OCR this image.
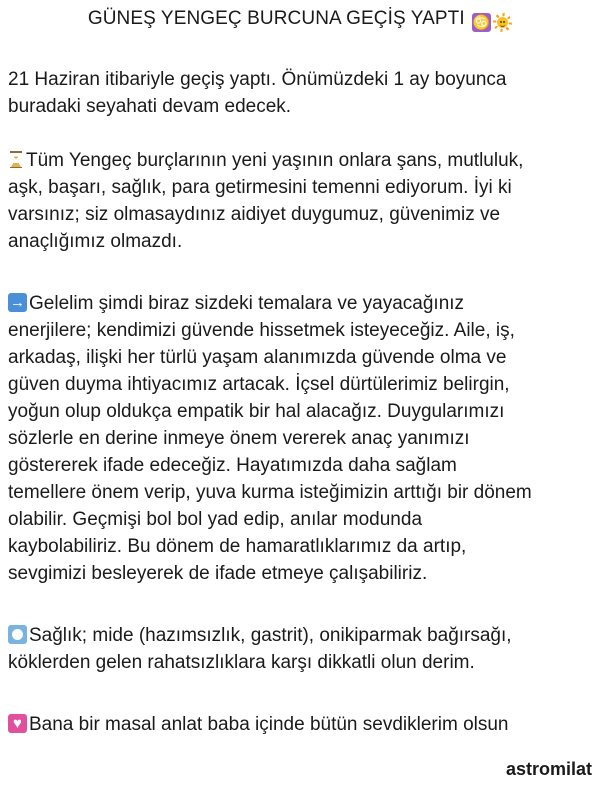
GÜNEŞ YENGEÇ BURCUNA GEÇİŞ YAPTI ♋

21 Haziran itibariyle geçiş yaptı. Önümüzdeki 1 ay boyunca
buradaki seyahati devam edecek.

Tüm Yengeç burçlarının yeni yaşının onlara şans, mutluluk,
aşk, başarı, sağlık, para getirmesini temenni ediyorum. İyi ki
varsınız; siz olmasaydınız aidiyet duygumuz, güvenimiz ve
anaçlığımız olmazdı.

→Gelelim şimdi biraz sizdeki temalara ve yayacağınız
enerjilere; kendimizi güvende hissetmek isteyeceğiz. Aile, iş,
arkadaş, ilişki her türlü yaşam alanımızda güvende olma ve
güven duyma ihtiyacımız artacak. İçsel dürtülerimiz belirgin,
yoğun olup oldukça empatik bir hal alacağız. Duygularımızı
sözlerle en derine inmeye önem vererek anaç yanımızı
göstererek ifade edeceğiz. Hayatımızda daha sağlam
temellere önem verip, yuva kurma isteğimizin arttığı bir dönem
olabilir. Geçmişi bol bol yad edip, anılar modunda
kaybolabiliriz. Bu dönem de hamaratlıklarımız da artıp,
sevgimizi besleyerek de ifade etmeye çalışabiliriz.

Sağlık; mide (hazımsızlık, gastrit), onikiparmak bağırsağı,
köklerden gelen rahatsızlıklara karşı dikkatli olun derim.

♥Bana bir masal anlat baba içinde bütün sevdiklerim olsun

astromilat
